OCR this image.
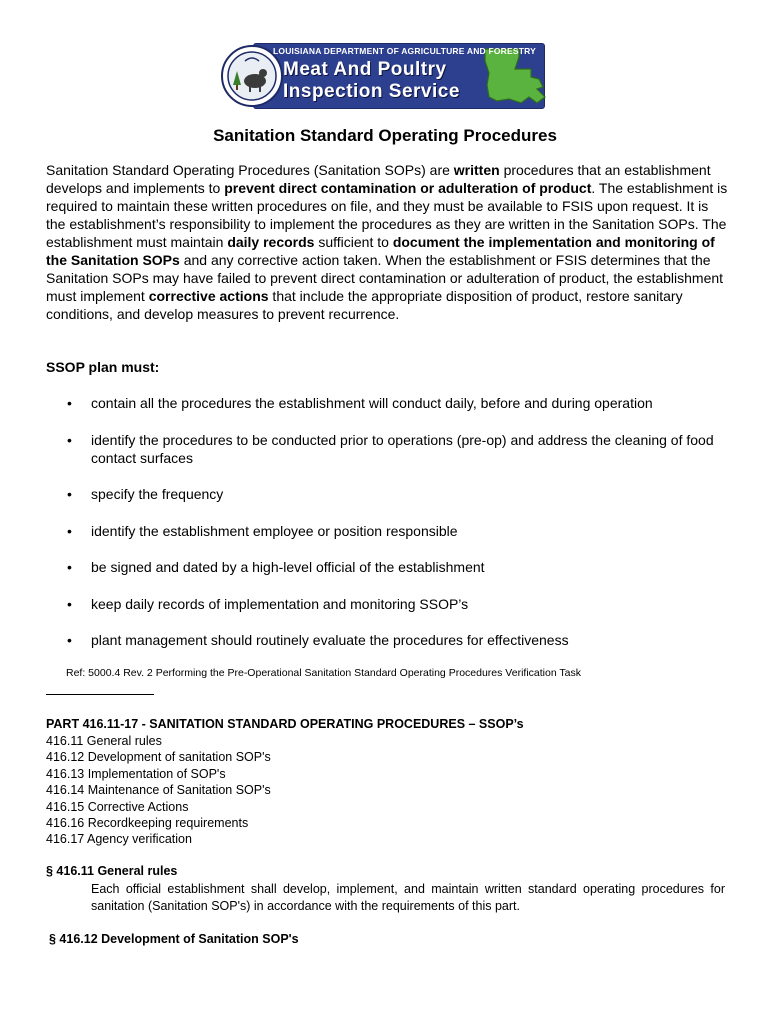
LOUISIANA DEPARTMENT OF AGRICULTURE AND FORESTRY
Meat And Poultry
Inspection Service
Sanitation Standard Operating Procedures
Sanitation Standard Operating Procedures (Sanitation SOPs) are written procedures that an establishment develops and implements to prevent direct contamination or adulteration of product. The establishment is required to maintain these written procedures on file, and they must be available to FSIS upon request. It is the establishment’s responsibility to implement the procedures as they are written in the Sanitation SOPs. The establishment must maintain daily records sufficient to document the implementation and monitoring of the Sanitation SOPs and any corrective action taken. When the establishment or FSIS determines that the Sanitation SOPs may have failed to prevent direct contamination or adulteration of product, the establishment must implement corrective actions that include the appropriate disposition of product, restore sanitary conditions, and develop measures to prevent recurrence.
SSOP plan must:
• contain all the procedures the establishment will conduct daily, before and during operation
• identify the procedures to be conducted prior to operations (pre-op) and address the cleaning of food contact surfaces
• specify the frequency
• identify the establishment employee or position responsible
• be signed and dated by a high-level official of the establishment
• keep daily records of implementation and monitoring SSOP’s
• plant management should routinely evaluate the procedures for effectiveness
Ref: 5000.4 Rev. 2 Performing the Pre-Operational Sanitation Standard Operating Procedures Verification Task
PART 416.11-17 - SANITATION STANDARD OPERATING PROCEDURES – SSOP’s
416.11 General rules
416.12 Development of sanitation SOP's
416.13 Implementation of SOP's
416.14 Maintenance of Sanitation SOP's
416.15 Corrective Actions
416.16 Recordkeeping requirements
416.17 Agency verification
§ 416.11 General rules
Each official establishment shall develop, implement, and maintain written standard operating procedures for sanitation (Sanitation SOP's) in accordance with the requirements of this part.
§ 416.12 Development of Sanitation SOP's
